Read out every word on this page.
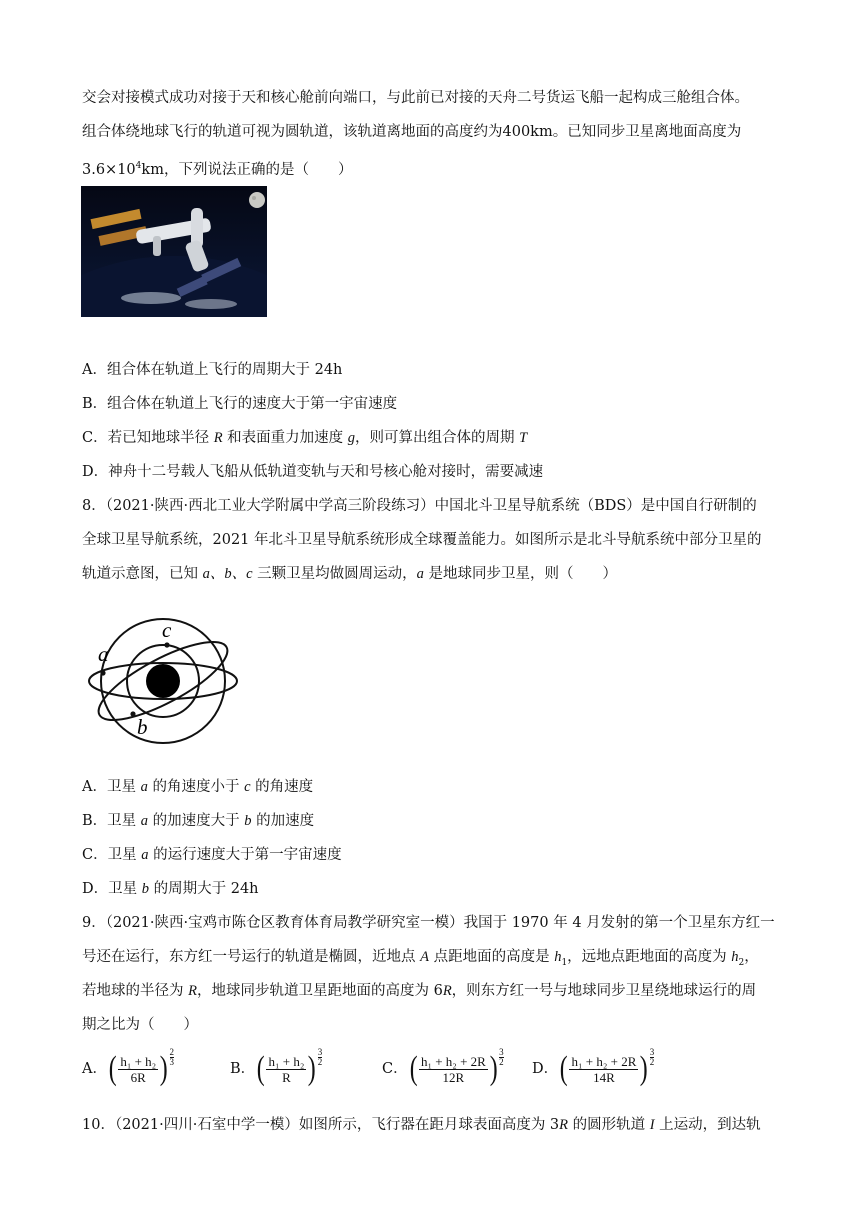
交会对接模式成功对接于天和核心舱前向端口，与此前已对接的天舟二号货运飞船一起构成三舱组合体。
组合体绕地球飞行的轨道可视为圆轨道，该轨道离地面的高度约为400km。已知同步卫星离地面高度为
$3.6\times 10^4km$，下列说法正确的是（　　）
A．组合体在轨道上飞行的周期大于 24h
B．组合体在轨道上飞行的速度大于第一宇宙速度
C．若已知地球半径 R 和表面重力加速度 g，则可算出组合体的周期 T
D．神舟十二号载人飞船从低轨道变轨与天和号核心舱对接时，需要减速
8．（2021·陕西·西北工业大学附属中学高三阶段练习）中国北斗卫星导航系统（BDS）是中国自行研制的
全球卫星导航系统，2021 年北斗卫星导航系统形成全球覆盖能力。如图所示是北斗导航系统中部分卫星的
轨道示意图，已知 a、b、c 三颗卫星均做圆周运动，a 是地球同步卫星，则（　　）
a
c
b
A．卫星 a 的角速度小于 c 的角速度
B．卫星 a 的加速度大于 b 的加速度
C．卫星 a 的运行速度大于第一宇宙速度
D．卫星 b 的周期大于 24h
9．（2021·陕西·宝鸡市陈仓区教育体育局教学研究室一模）我国于 1970 年 4 月发射的第一个卫星东方红一
号还在运行，东方红一号运行的轨道是椭圆，近地点 A 点距地面的高度是 $h_1$，远地点距地面的高度为 $h_2$，
若地球的半径为 R，地球同步轨道卫星距地面的高度为 6R，则东方红一号与地球同步卫星绕地球运行的周
期之比为（　　）
A． ( $\frac{\text{h₁ + h₂}}{6R}$ ) 2
3	B． ( $\frac{\text{h₁ + h₂}}{R}$ ) 3
2	C． ( $\frac{\text{h₁ + h₂ + 2R}}{12R}$ ) 3
2 D． ( $\frac{\text{h₁ + h₂ + 2R}}{14R}$ ) 3
2
10．（2021·四川·石室中学一模）如图所示，飞行器在距月球表面高度为 3R 的圆形轨道 I 上运动，到达轨
